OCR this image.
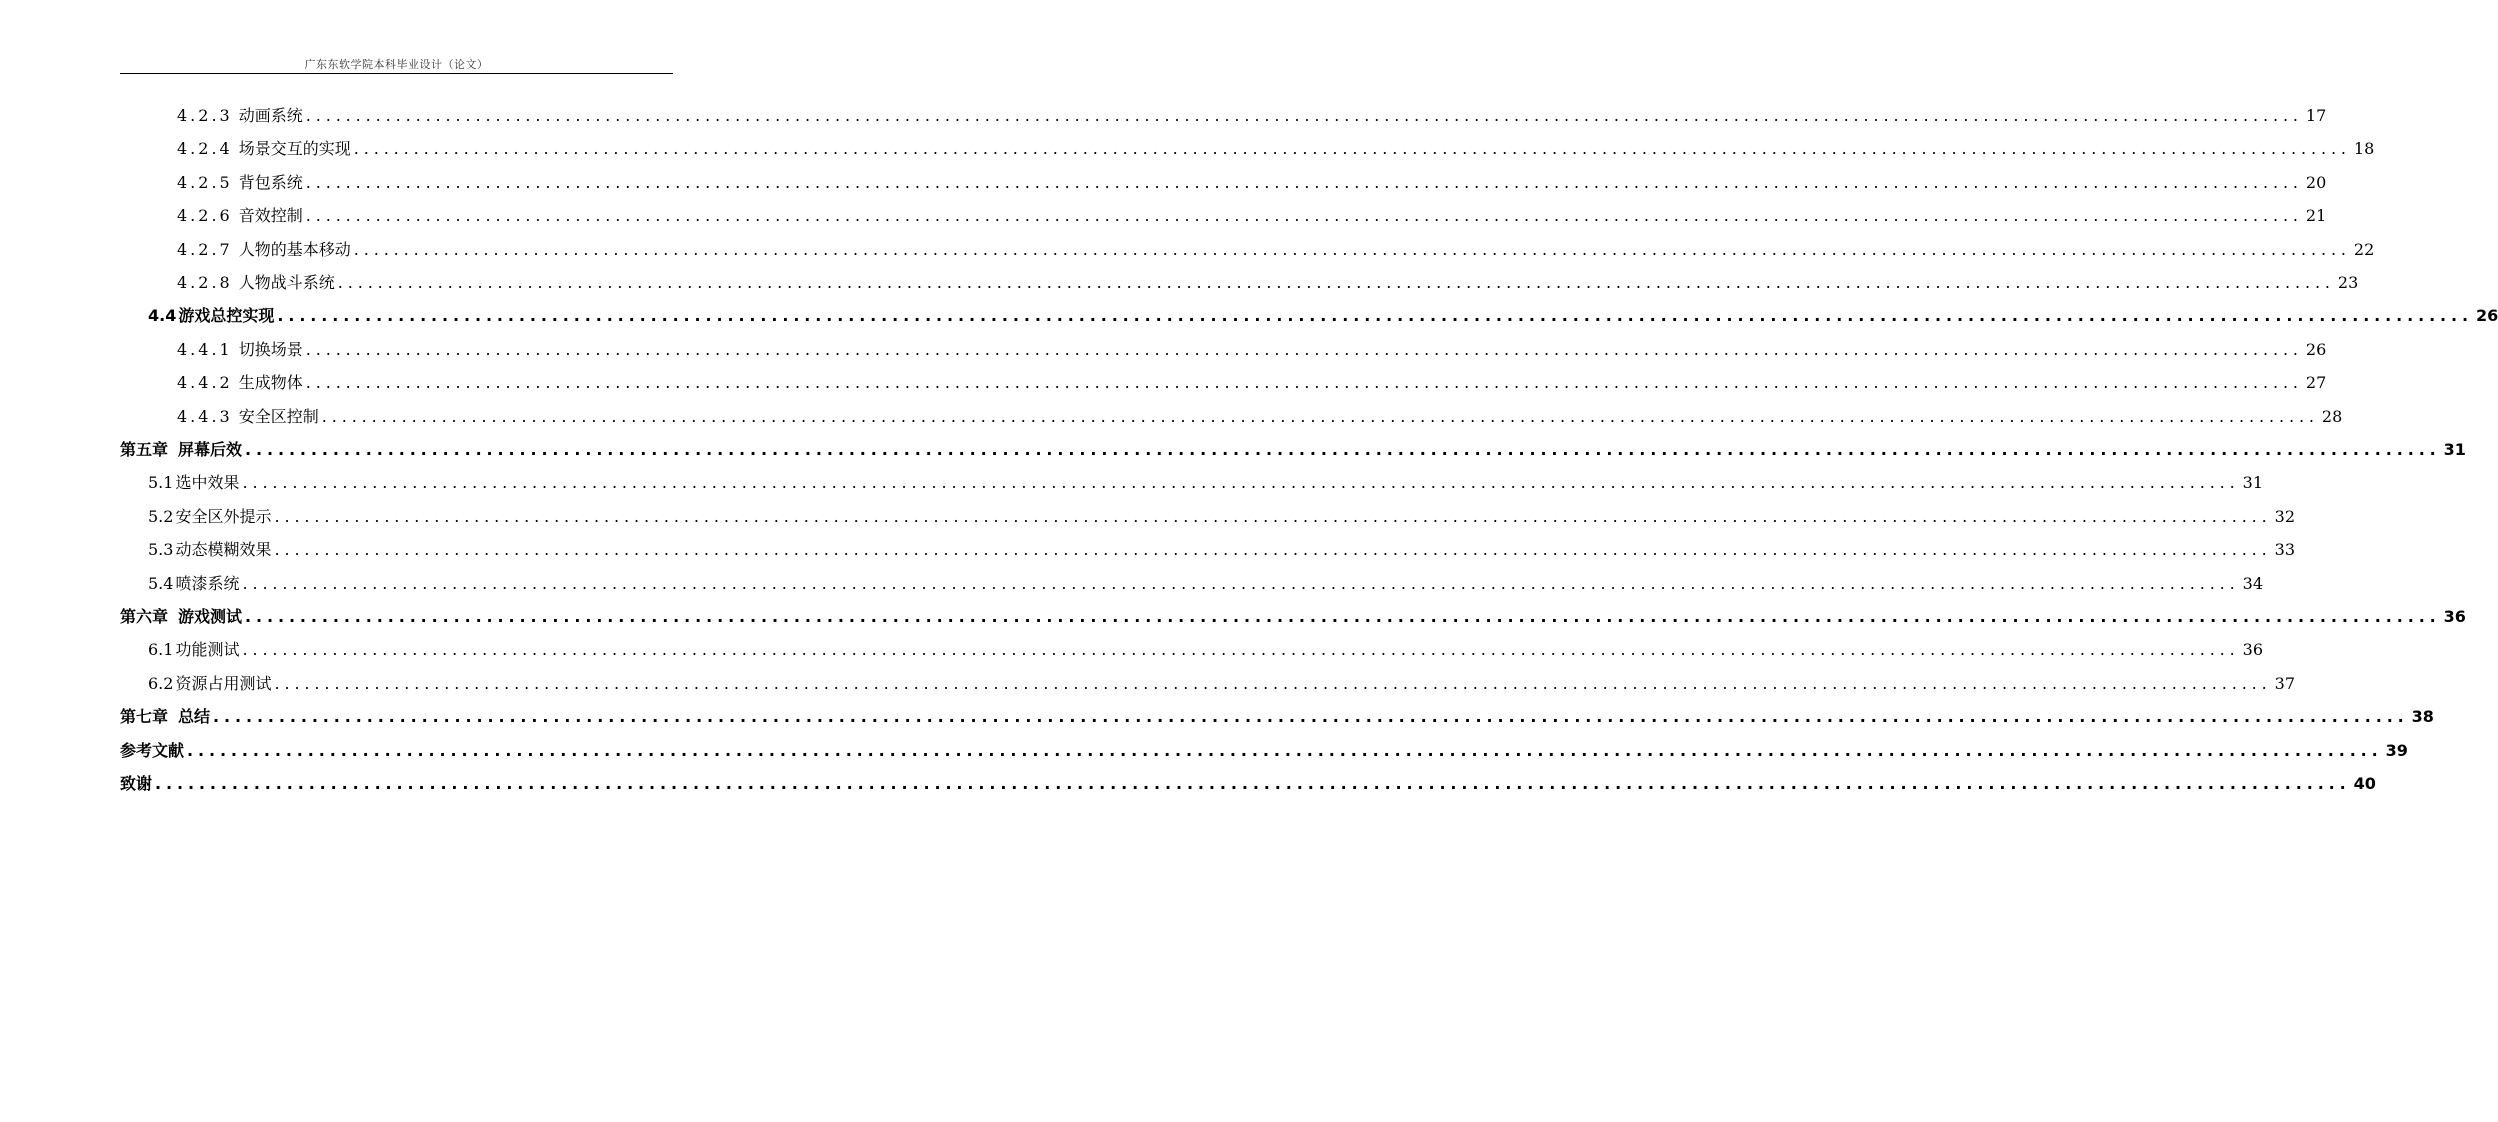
广东东软学院本科毕业设计（论文）
4.2.3 动画系统 ........................................................................................................................................................................................................ 17
4.2.4 场景交互的实现 ........................................................................................................................................................................................................ 18
4.2.5 背包系统 ........................................................................................................................................................................................................ 20
4.2.6 音效控制 ........................................................................................................................................................................................................ 21
4.2.7 人物的基本移动 ........................................................................................................................................................................................................ 22
4.2.8 人物战斗系统 ........................................................................................................................................................................................................ 23
4.4 游戏总控实现 ........................................................................................................................................................................................................ 26
4.4.1 切换场景 ........................................................................................................................................................................................................ 26
4.4.2 生成物体 ........................................................................................................................................................................................................ 27
4.4.3 安全区控制 ........................................................................................................................................................................................................ 28
第五章 屏幕后效 ........................................................................................................................................................................................................ 31
5.1 选中效果 ........................................................................................................................................................................................................ 31
5.2 安全区外提示 ........................................................................................................................................................................................................ 32
5.3 动态模糊效果 ........................................................................................................................................................................................................ 33
5.4 喷漆系统 ........................................................................................................................................................................................................ 34
第六章 游戏测试 ........................................................................................................................................................................................................ 36
6.1 功能测试 ........................................................................................................................................................................................................ 36
6.2 资源占用测试 ........................................................................................................................................................................................................ 37
第七章 总结 ........................................................................................................................................................................................................ 38
参考文献 ........................................................................................................................................................................................................ 39
致谢 ........................................................................................................................................................................................................ 40
